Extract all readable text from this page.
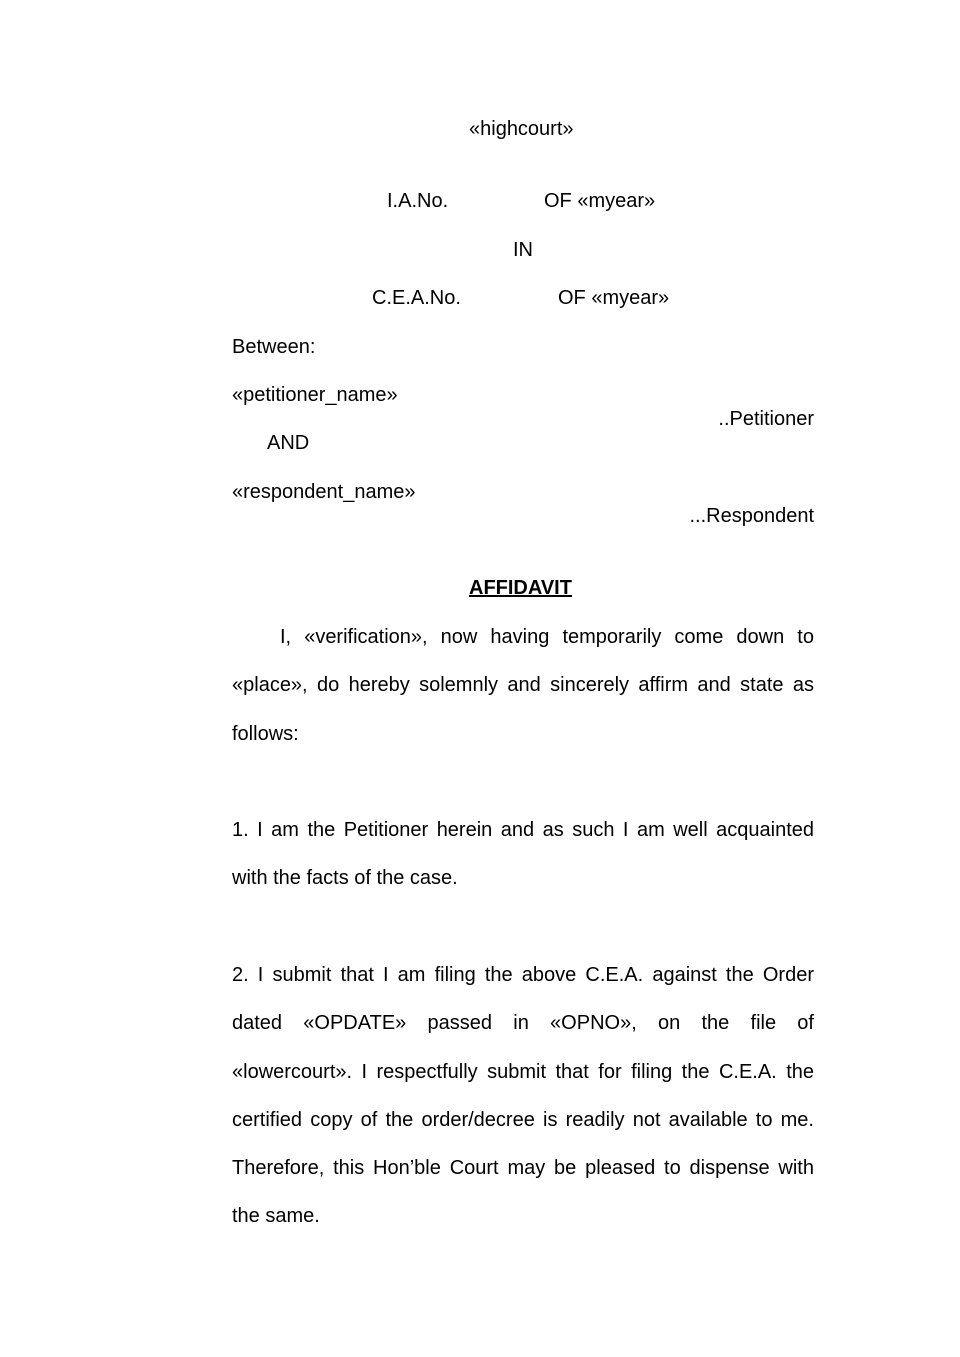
«highcourt»
I.A.No.	OF «myear»
IN
C.E.A.No.	OF «myear»
Between:
«petitioner_name»
..Petitioner
AND
«respondent_name»
...Respondent
AFFIDAVIT

I, «verification», now having temporarily come down to «place», do hereby solemnly and sincerely affirm and state as follows:

1. I am the Petitioner herein and as such I am well acquainted with the facts of the case.

2. I submit that I am filing the above C.E.A. against the Order dated «OPDATE» passed in «OPNO», on the file of «lowercourt». I respectfully submit that for filing the C.E.A. the certified copy of the order/decree is readily not available to me. Therefore, this Hon’ble Court may be pleased to dispense with the same.
